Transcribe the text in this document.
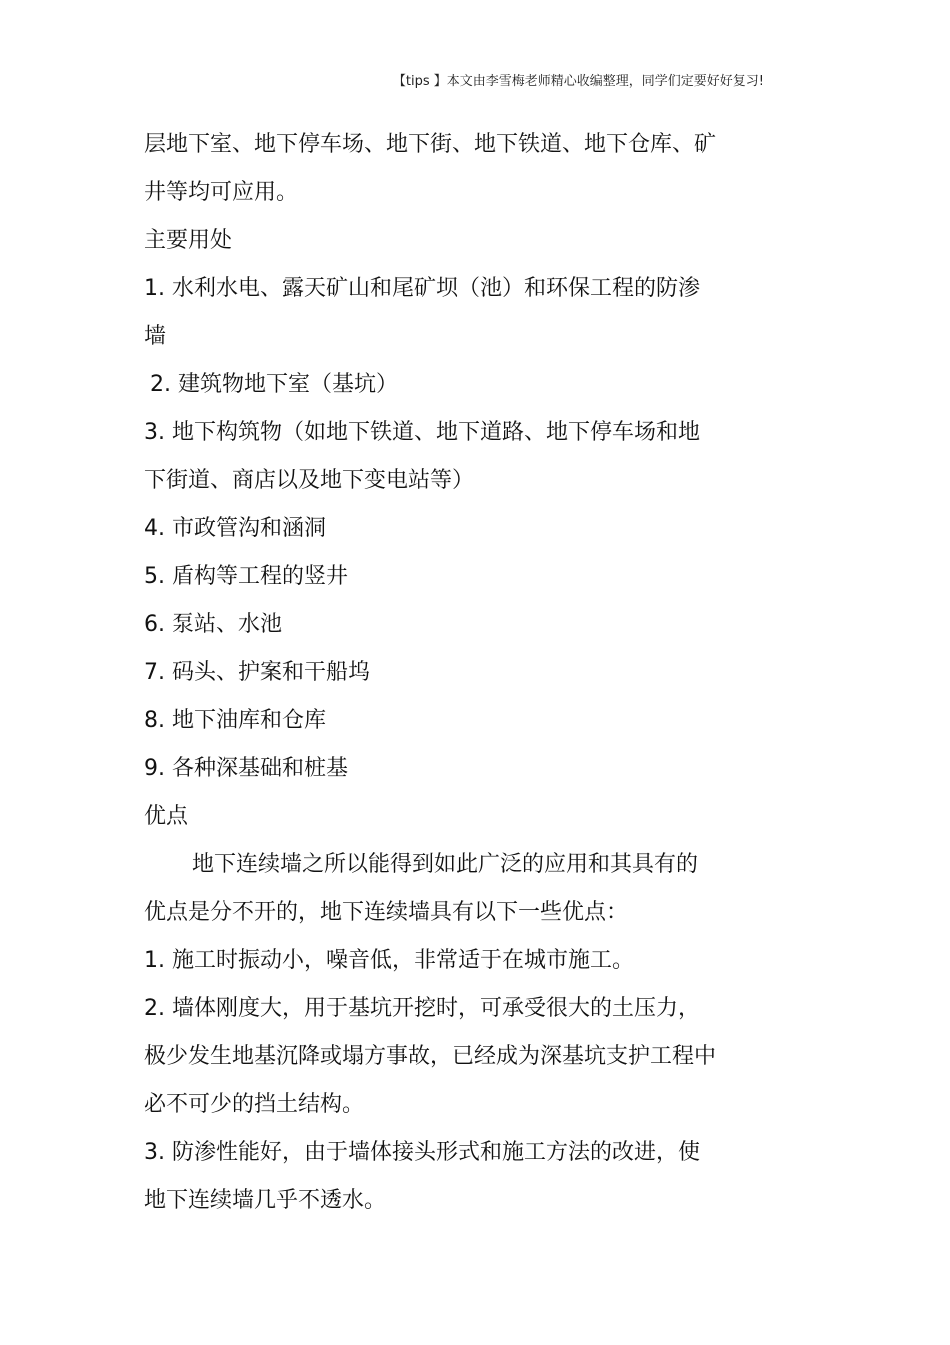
【tips 】本文由李雪梅老师精心收编整理，同学们定要好好复习!
层地下室、地下停车场、地下街、地下铁道、地下仓库、矿
井等均可应用。
主要用处
1. 水利水电、露天矿山和尾矿坝（池）和环保工程的防渗
墙
2. 建筑物地下室（基坑）
3. 地下构筑物（如地下铁道、地下道路、地下停车场和地
下街道、商店以及地下变电站等）
4. 市政管沟和涵洞
5. 盾构等工程的竖井
6. 泵站、水池
7. 码头、护案和干船坞
8. 地下油库和仓库
9. 各种深基础和桩基
优点
地下连续墙之所以能得到如此广泛的应用和其具有的
优点是分不开的，地下连续墙具有以下一些优点：
1. 施工时振动小，噪音低，非常适于在城市施工。
2. 墙体刚度大，用于基坑开挖时，可承受很大的土压力，
极少发生地基沉降或塌方事故，已经成为深基坑支护工程中
必不可少的挡土结构。
3. 防渗性能好，由于墙体接头形式和施工方法的改进，使
地下连续墙几乎不透水。
